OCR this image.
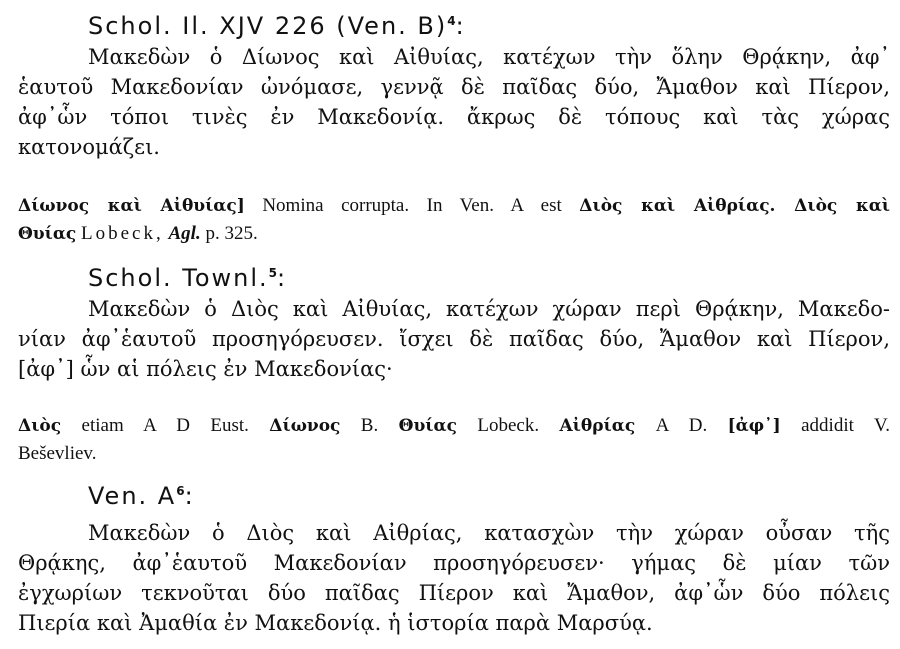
Schol. Il. XJV 226 (Ven. B)$^4$:
Μακεδὼν ὁ Δίωνος καὶ Αἰθυίας, κατέχων τὴν ὅλην Θρᾴκην, ἀφ᾽
ἑαυτοῦ Μακεδονίαν ὠνόμασε, γεννᾷ δὲ παῖδας δύο, Ἄμαθον καὶ Πίερον,
ἀφ᾽ὧν τόποι τινὲς ἐν Μακεδονίᾳ. ἄκρως δὲ τόπους καὶ τὰς χώρας
κατονομάζει.
Δίωνος καὶ Αἰθυίας] Nomina corrupta. In Ven. A est Διὸς καὶ Αἰθρίας. Διὸς καὶ
Θυίας Lobeck, Agl. p. 325.
Schol. Townl.$^5$:
Μακεδὼν ὁ Διὸς καὶ Αἰθυίας, κατέχων χώραν περὶ Θρᾴκην, Μακεδο-
νίαν ἀφ᾽ἑαυτοῦ προσηγόρευσεν. ἴσχει δὲ παῖδας δύο, Ἄμαθον καὶ Πίερον,
[ἀφ᾽] ὧν αἱ πόλεις ἐν Μακεδονίας·
Διὸς etiam A D Eust. Δίωνος B. Θυίας Lobeck. Αἰθρίας A D. [ἀφ᾽] addidit V.
Beševliev.
Ven. $A^6$:
Μακεδὼν ὁ Διὸς καὶ Αἰθρίας, κατασχὼν τὴν χώραν οὖσαν τῆς
Θρᾴκης, ἀφ᾽ἑαυτοῦ Μακεδονίαν προσηγόρευσεν· γήμας δὲ μίαν τῶν
ἐγχωρίων τεκνοῦται δύο παῖδας Πίερον καὶ Ἄμαθον, ἀφ᾽ὧν δύο πόλεις
Πιερία καὶ Ἀμαθία ἐν Μακεδονίᾳ. ἡ ἱστορία παρὰ Μαρσύᾳ.
